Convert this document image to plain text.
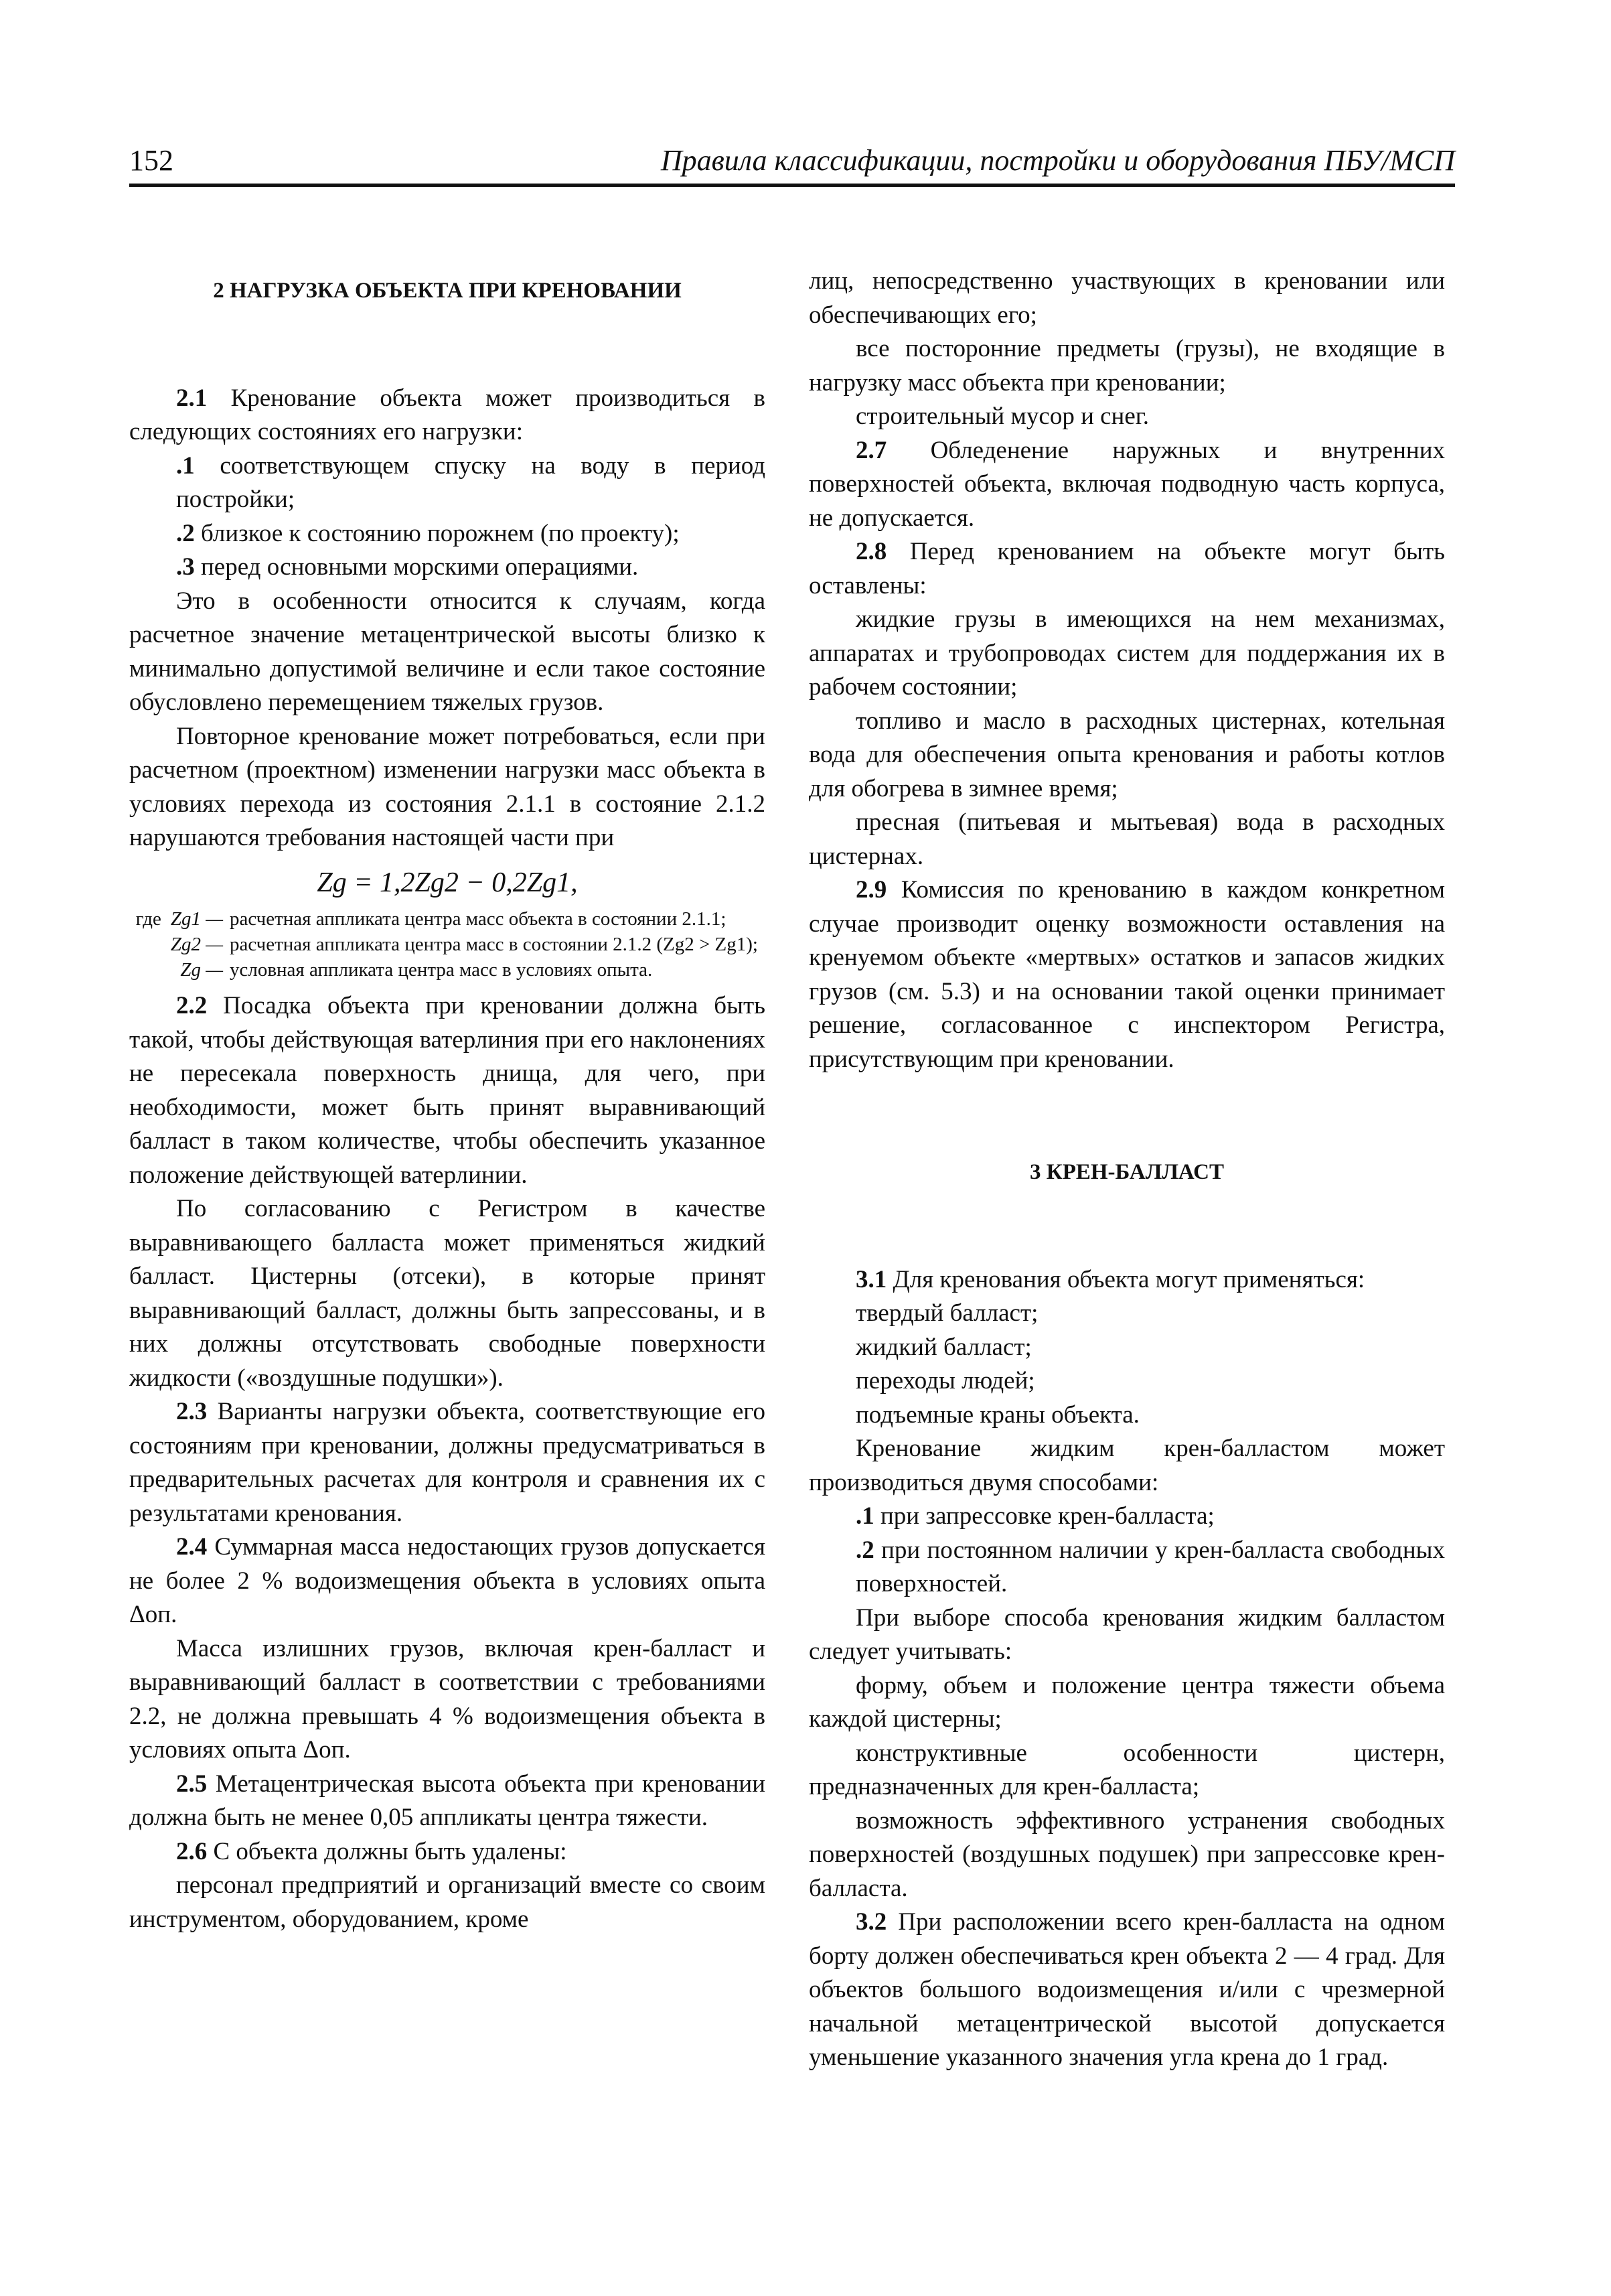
152	Правила классификации, постройки и оборудования ПБУ/МСП

2 НАГРУЗКА ОБЪЕКТА ПРИ КРЕНОВАНИИ

2.1 Кренование объекта может производиться в следующих состояниях его нагрузки:

.1 соответствующем спуску на воду в период постройки;

.2 близкое к состоянию порожнем (по проекту);

.3 перед основными морскими операциями.

Это в особенности относится к случаям, когда расчетное значение метацентрической высоты близко к минимально допустимой величине и если такое состояние обусловлено перемещением тяжелых грузов.

Повторное кренование может потребоваться, если при расчетном (проектном) изменении нагрузки масс объекта в условиях перехода из состояния 2.1.1 в состояние 2.1.2 нарушаются требования настоящей части при

Zg = 1,2Zg2 − 0,2Zg1,

где Zg1 — расчетная аппликата центра масс объекта в состоянии 2.1.1;
Zg2 — расчетная аппликата центра масс в состоянии 2.1.2 (Zg2 > Zg1);
Zg — условная аппликата центра масс в условиях опыта.

2.2 Посадка объекта при креновании должна быть такой, чтобы действующая ватерлиния при его наклонениях не пересекала поверхность днища, для чего, при необходимости, может быть принят выравнивающий балласт в таком количестве, чтобы обеспечить указанное положение действующей ватерлинии.

По согласованию с Регистром в качестве выравнивающего балласта может применяться жидкий балласт. Цистерны (отсеки), в которые принят выравнивающий балласт, должны быть запрессованы, и в них должны отсутствовать свободные поверхности жидкости («воздушные подушки»).

2.3 Варианты нагрузки объекта, соответствующие его состояниям при креновании, должны предусматриваться в предварительных расчетах для контроля и сравнения их с результатами кренования.

2.4 Суммарная масса недостающих грузов допускается не более 2 % водоизмещения объекта в условиях опыта Δоп.

Масса излишних грузов, включая крен-балласт и выравнивающий балласт в соответствии с требованиями 2.2, не должна превышать 4 % водоизмещения объекта в условиях опыта Δоп.

2.5 Метацентрическая высота объекта при креновании должна быть не менее 0,05 аппликаты центра тяжести.

2.6 С объекта должны быть удалены:

персонал предприятий и организаций вместе со своим инструментом, оборудованием, кроме

лиц, непосредственно участвующих в креновании или обеспечивающих его;

все посторонние предметы (грузы), не входящие в нагрузку масс объекта при креновании;

строительный мусор и снег.

2.7 Обледенение наружных и внутренних поверхностей объекта, включая подводную часть корпуса, не допускается.

2.8 Перед кренованием на объекте могут быть оставлены:

жидкие грузы в имеющихся на нем механизмах, аппаратах и трубопроводах систем для поддержания их в рабочем состоянии;

топливо и масло в расходных цистернах, котельная вода для обеспечения опыта кренования и работы котлов для обогрева в зимнее время;

пресная (питьевая и мытьевая) вода в расходных цистернах.

2.9 Комиссия по кренованию в каждом конкретном случае производит оценку возможности оставления на кренуемом объекте «мертвых» остатков и запасов жидких грузов (см. 5.3) и на основании такой оценки принимает решение, согласованное с инспектором Регистра, присутствующим при креновании.

3 КРЕН-БАЛЛАСТ

3.1 Для кренования объекта могут применяться:

твердый балласт;

жидкий балласт;

переходы людей;

подъемные краны объекта.

Кренование жидким крен-балластом может производиться двумя способами:

.1 при запрессовке крен-балласта;

.2 при постоянном наличии у крен-балласта свободных поверхностей.

При выборе способа кренования жидким балластом следует учитывать:

форму, объем и положение центра тяжести объема каждой цистерны;

конструктивные особенности цистерн, предназначенных для крен-балласта;

возможность эффективного устранения свободных поверхностей (воздушных подушек) при запрессовке крен-балласта.

3.2 При расположении всего крен-балласта на одном борту должен обеспечиваться крен объекта 2 — 4 град. Для объектов большого водоизмещения и/или с чрезмерной начальной метацентрической высотой допускается уменьшение указанного значения угла крена до 1 град.
